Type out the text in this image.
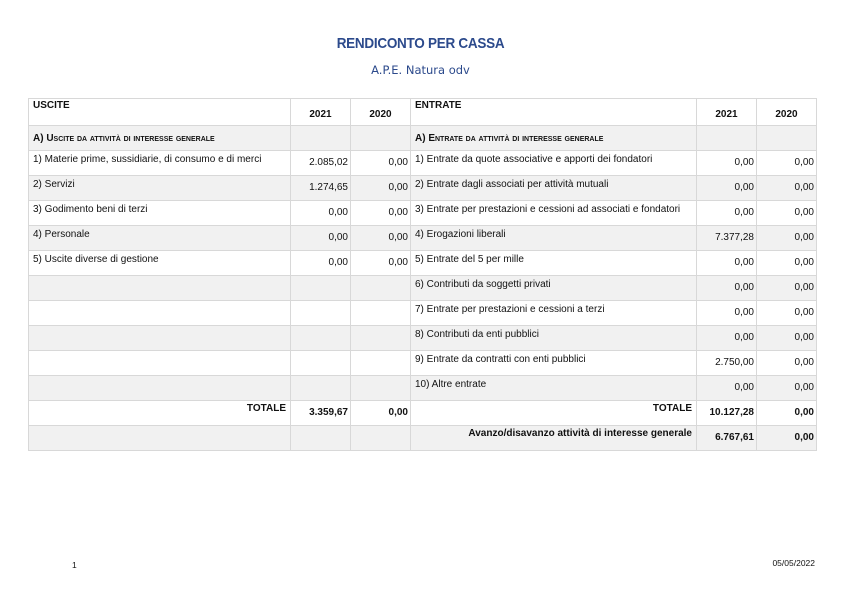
RENDICONTO PER CASSA
A.P.E. Natura odv
USCITE	2021	2020	ENTRATE	2021	2020
A) Uscite da attività di interesse generale			A) Entrate da attività di interesse generale		
1) Materie prime, sussidiarie, di consumo e di merci	2.085,02	0,00	1) Entrate da quote associative e apporti dei fondatori	0,00	0,00
2) Servizi	1.274,65	0,00	2) Entrate dagli associati per attività mutuali	0,00	0,00
3) Godimento beni di terzi	0,00	0,00	3) Entrate per prestazioni e cessioni ad associati e fondatori	0,00	0,00
4) Personale	0,00	0,00	4) Erogazioni liberali	7.377,28	0,00
5) Uscite diverse di gestione	0,00	0,00	5) Entrate del 5 per mille	0,00	0,00
			6) Contributi da soggetti privati	0,00	0,00
			7) Entrate per prestazioni e cessioni a terzi	0,00	0,00
			8) Contributi da enti pubblici	0,00	0,00
			9) Entrate da contratti con enti pubblici	2.750,00	0,00
			10) Altre entrate	0,00	0,00
TOTALE	3.359,67	0,00	TOTALE	10.127,28	0,00
			Avanzo/disavanzo attività di interesse generale	6.767,61	0,00
1	05/05/2022
